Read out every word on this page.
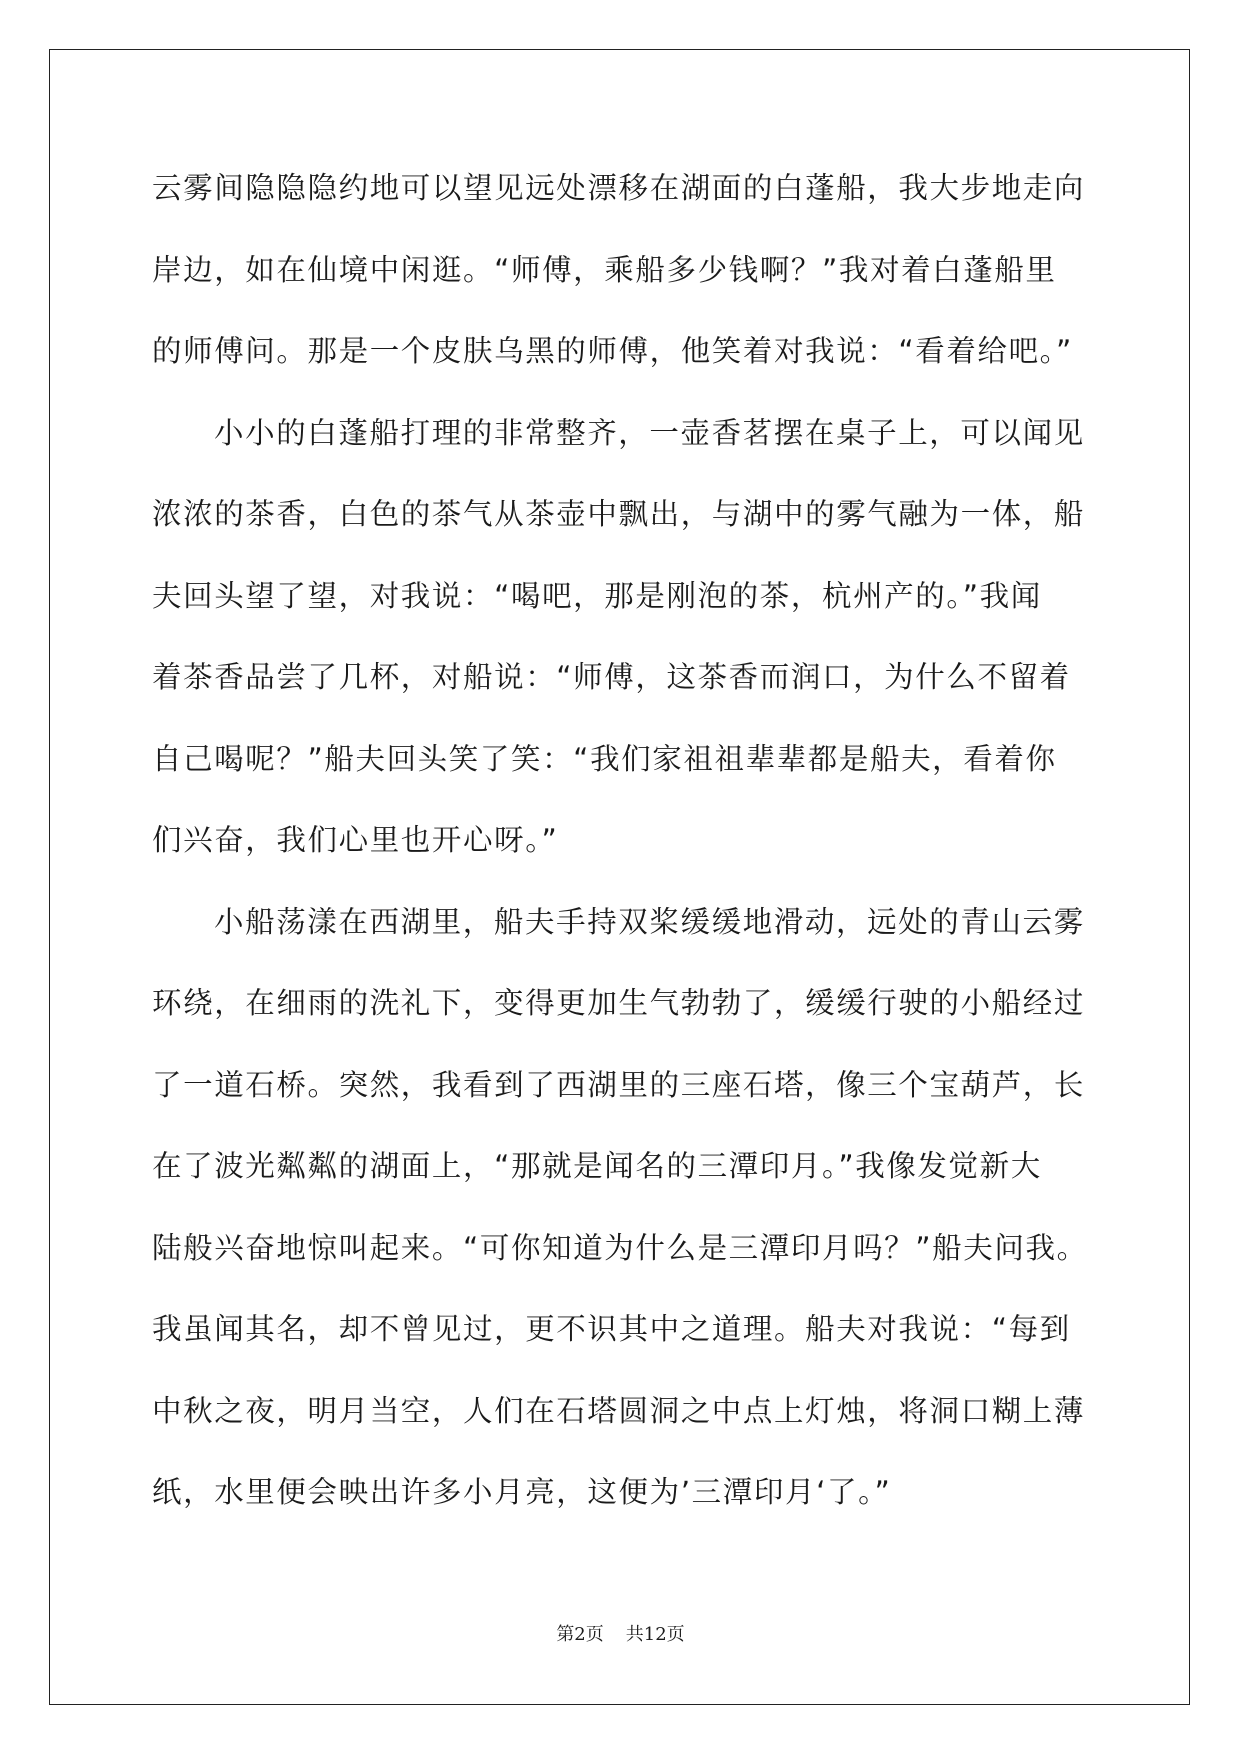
云雾间隐隐隐约地可以望见远处漂移在湖面的白蓬船，我大步地走向
岸边，如在仙境中闲逛。“师傅，乘船多少钱啊？”我对着白蓬船里
的师傅问。那是一个皮肤乌黑的师傅，他笑着对我说：“看着给吧。”
小小的白蓬船打理的非常整齐，一壶香茗摆在桌子上，可以闻见
浓浓的茶香，白色的茶气从茶壶中飘出，与湖中的雾气融为一体，船
夫回头望了望，对我说：“喝吧，那是刚泡的茶，杭州产的。”我闻
着茶香品尝了几杯，对船说：“师傅，这茶香而润口，为什么不留着
自己喝呢？”船夫回头笑了笑：“我们家祖祖辈辈都是船夫，看着你
们兴奋，我们心里也开心呀。”
小船荡漾在西湖里，船夫手持双桨缓缓地滑动，远处的青山云雾
环绕，在细雨的洗礼下，变得更加生气勃勃了，缓缓行驶的小船经过
了一道石桥。突然，我看到了西湖里的三座石塔，像三个宝葫芦，长
在了波光粼粼的湖面上，“那就是闻名的三潭印月。”我像发觉新大
陆般兴奋地惊叫起来。“可你知道为什么是三潭印月吗？”船夫问我。
我虽闻其名，却不曾见过，更不识其中之道理。船夫对我说：“每到
中秋之夜，明月当空，人们在石塔圆洞之中点上灯烛，将洞口糊上薄
纸，水里便会映出许多小月亮，这便为’三潭印月‘了。”
第2页 共12页
